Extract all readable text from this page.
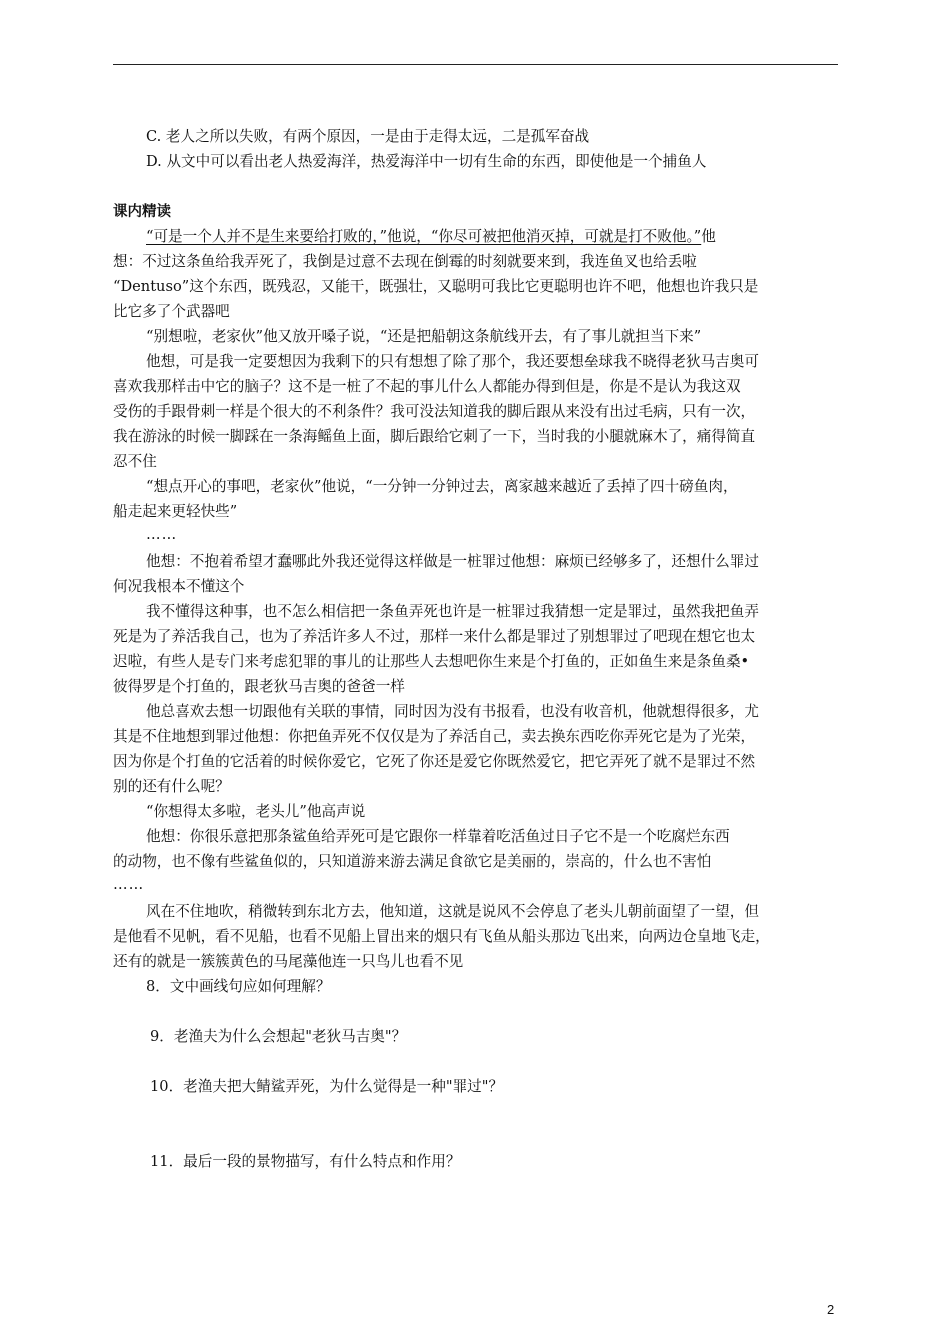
C. 老人之所以失败，有两个原因，一是由于走得太远，二是孤军奋战
D. 从文中可以看出老人热爱海洋，热爱海洋中一切有生命的东西，即使他是一个捕鱼人
课内精读
“可是一个人并不是生来要给打败的，”他说，“你尽可被把他消灭掉，可就是打不败他。”他
想：不过这条鱼给我弄死了，我倒是过意不去现在倒霉的时刻就要来到，我连鱼叉也给丢啦
“Dentuso”这个东西，既残忍，又能干，既强壮，又聪明可我比它更聪明也许不吧，他想也许我只是
比它多了个武器吧
“别想啦，老家伙”他又放开嗓子说，“还是把船朝这条航线开去，有了事儿就担当下来”
他想，可是我一定要想因为我剩下的只有想想了除了那个，我还要想垒球我不晓得老狄马吉奥可
喜欢我那样击中它的脑子？这不是一桩了不起的事儿什么人都能办得到但是，你是不是认为我这双
受伤的手跟骨刺一样是个很大的不利条件？我可没法知道我的脚后跟从来没有出过毛病，只有一次，
我在游泳的时候一脚踩在一条海鳐鱼上面，脚后跟给它刺了一下，当时我的小腿就麻木了，痛得简直
忍不住
“想点开心的事吧，老家伙”他说，“一分钟一分钟过去，离家越来越近了丢掉了四十磅鱼肉，
船走起来更轻快些”
……
他想：不抱着希望才蠢哪此外我还觉得这样做是一桩罪过他想：麻烦已经够多了，还想什么罪过
何况我根本不懂这个
我不懂得这种事，也不怎么相信把一条鱼弄死也许是一桩罪过我猜想一定是罪过，虽然我把鱼弄
死是为了养活我自己，也为了养活许多人不过，那样一来什么都是罪过了别想罪过了吧现在想它也太
迟啦，有些人是专门来考虑犯罪的事儿的让那些人去想吧你生来是个打鱼的，正如鱼生来是条鱼桑•
彼得罗是个打鱼的，跟老狄马吉奥的爸爸一样
他总喜欢去想一切跟他有关联的事情，同时因为没有书报看，也没有收音机，他就想得很多，尤
其是不住地想到罪过他想：你把鱼弄死不仅仅是为了养活自己，卖去换东西吃你弄死它是为了光荣，
因为你是个打鱼的它活着的时候你爱它，它死了你还是爱它你既然爱它，把它弄死了就不是罪过不然
别的还有什么呢？
“你想得太多啦，老头儿”他高声说
他想：你很乐意把那条鲨鱼给弄死可是它跟你一样靠着吃活鱼过日子它不是一个吃腐烂东西
的动物，也不像有些鲨鱼似的，只知道游来游去满足食欲它是美丽的，崇高的，什么也不害怕
……
风在不住地吹，稍微转到东北方去，他知道，这就是说风不会停息了老头儿朝前面望了一望，但
是他看不见帆，看不见船，也看不见船上冒出来的烟只有飞鱼从船头那边飞出来，向两边仓皇地飞走，
还有的就是一簇簇黄色的马尾藻他连一只鸟儿也看不见
8．文中画线句应如何理解？
9．老渔夫为什么会想起"老狄马吉奥"？
10．老渔夫把大鲭鲨弄死，为什么觉得是一种"罪过"？
11．最后一段的景物描写，有什么特点和作用？
2
